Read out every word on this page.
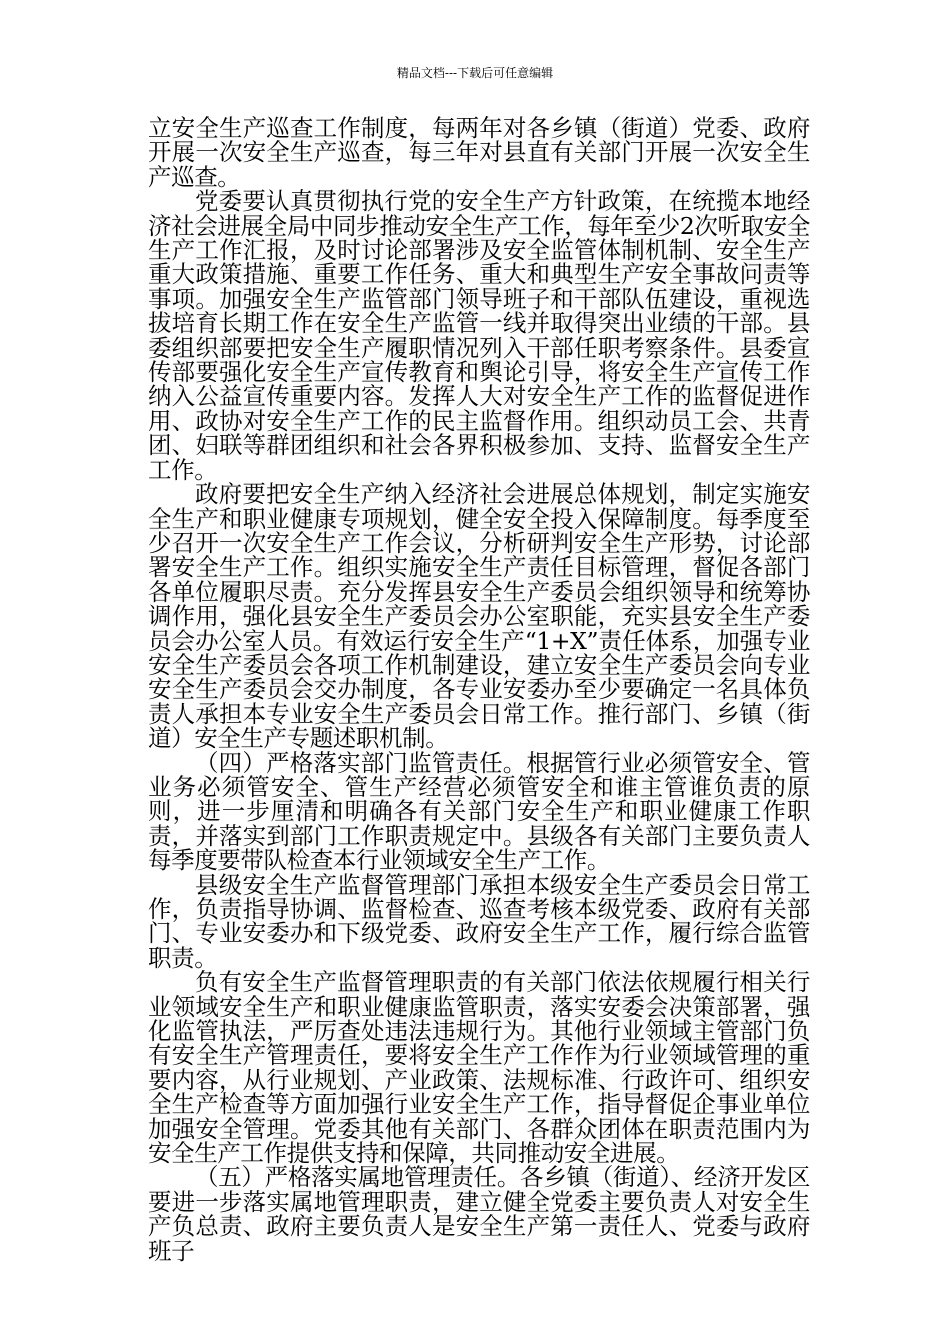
精品文档---下载后可任意编辑

立安全生产巡查工作制度，每两年对各乡镇（街道）党委、政府开展一次安全生产巡查，每三年对县直有关部门开展一次安全生产巡查。

党委要认真贯彻执行党的安全生产方针政策，在统揽本地经济社会进展全局中同步推动安全生产工作，每年至少2次听取安全生产工作汇报，及时讨论部署涉及安全监管体制机制、安全生产重大政策措施、重要工作任务、重大和典型生产安全事故问责等事项。加强安全生产监管部门领导班子和干部队伍建设，重视选拔培育长期工作在安全生产监管一线并取得突出业绩的干部。县委组织部要把安全生产履职情况列入干部任职考察条件。县委宣传部要强化安全生产宣传教育和舆论引导，将安全生产宣传工作纳入公益宣传重要内容。发挥人大对安全生产工作的监督促进作用、政协对安全生产工作的民主监督作用。组织动员工会、共青团、妇联等群团组织和社会各界积极参加、支持、监督安全生产工作。

政府要把安全生产纳入经济社会进展总体规划，制定实施安全生产和职业健康专项规划，健全安全投入保障制度。每季度至少召开一次安全生产工作会议，分析研判安全生产形势，讨论部署安全生产工作。组织实施安全生产责任目标管理，督促各部门各单位履职尽责。充分发挥县安全生产委员会组织领导和统筹协调作用，强化县安全生产委员会办公室职能，充实县安全生产委员会办公室人员。有效运行安全生产“1+X”责任体系，加强专业安全生产委员会各项工作机制建设，建立安全生产委员会向专业安全生产委员会交办制度，各专业安委办至少要确定一名具体负责人承担本专业安全生产委员会日常工作。推行部门、乡镇（街道）安全生产专题述职机制。

（四）严格落实部门监管责任。根据管行业必须管安全、管业务必须管安全、管生产经营必须管安全和谁主管谁负责的原则，进一步厘清和明确各有关部门安全生产和职业健康工作职责，并落实到部门工作职责规定中。县级各有关部门主要负责人每季度要带队检查本行业领域安全生产工作。

县级安全生产监督管理部门承担本级安全生产委员会日常工作，负责指导协调、监督检查、巡查考核本级党委、政府有关部门、专业安委办和下级党委、政府安全生产工作，履行综合监管职责。

负有安全生产监督管理职责的有关部门依法依规履行相关行业领域安全生产和职业健康监管职责，落实安委会决策部署，强化监管执法，严厉查处违法违规行为。其他行业领域主管部门负有安全生产管理责任，要将安全生产工作作为行业领域管理的重要内容，从行业规划、产业政策、法规标准、行政许可、组织安全生产检查等方面加强行业安全生产工作，指导督促企事业单位加强安全管理。党委其他有关部门、各群众团体在职责范围内为安全生产工作提供支持和保障，共同推动安全进展。

（五）严格落实属地管理责任。各乡镇（街道）、经济开发区要进一步落实属地管理职责，建立健全党委主要负责人对安全生产负总责、政府主要负责人是安全生产第一责任人、党委与政府班子
